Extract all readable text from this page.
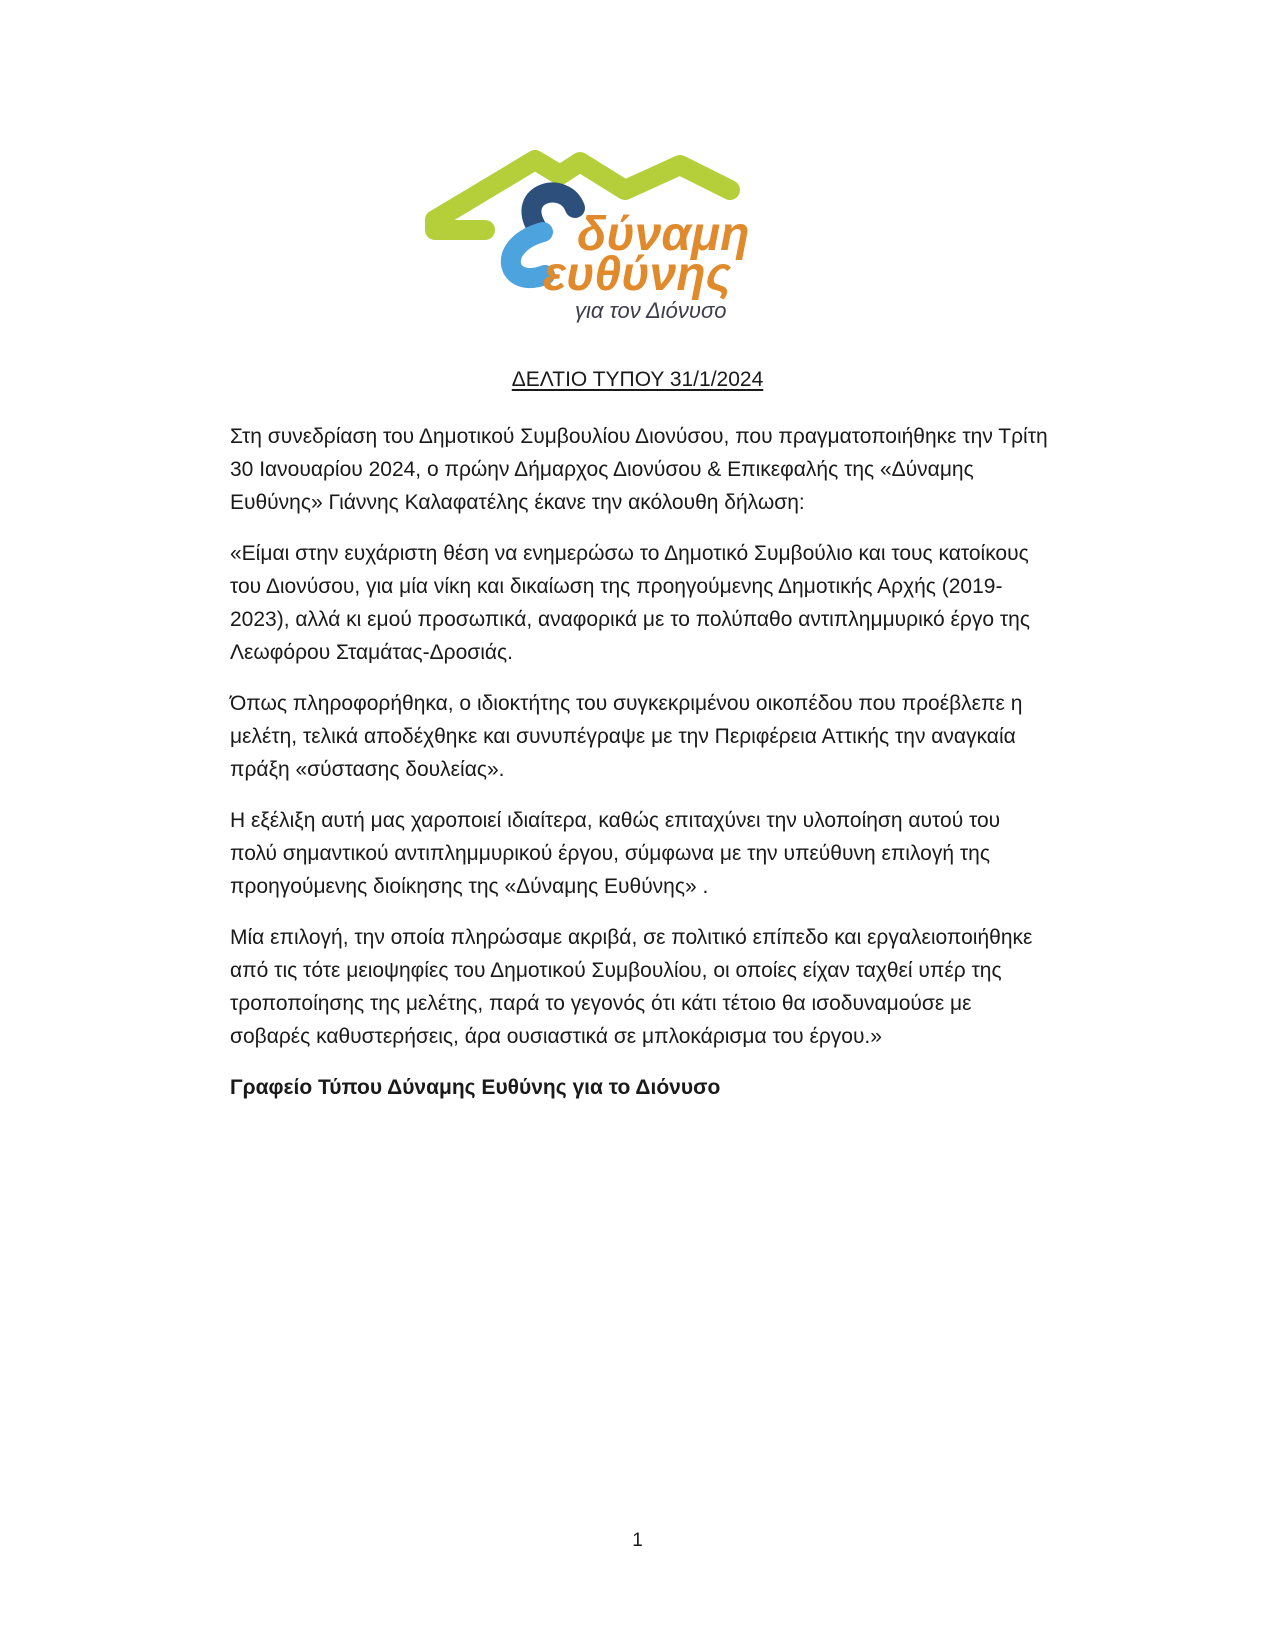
δύναμη
ευθύνης
για τον Διόνυσο
ΔΕΛΤΙΟ ΤΥΠΟΥ 31/1/2024

Στη συνεδρίαση του Δημοτικού Συμβουλίου Διονύσου, που πραγματοποιήθηκε την Τρίτη 30 Ιανουαρίου 2024, ο πρώην Δήμαρχος Διονύσου & Επικεφαλής της «Δύναμης Ευθύνης» Γιάννης Καλαφατέλης έκανε την ακόλουθη δήλωση:

«Είμαι στην ευχάριστη θέση να ενημερώσω το Δημοτικό Συμβούλιο και τους κατοίκους του Διονύσου, για μία νίκη και δικαίωση της προηγούμενης Δημοτικής Αρχής (2019-2023), αλλά κι εμού προσωπικά, αναφορικά με το πολύπαθο αντιπλημμυρικό έργο της Λεωφόρου Σταμάτας-Δροσιάς.

Όπως πληροφορήθηκα, ο ιδιοκτήτης του συγκεκριμένου οικοπέδου που προέβλεπε η μελέτη, τελικά αποδέχθηκε και συνυπέγραψε με την Περιφέρεια Αττικής την αναγκαία πράξη «σύστασης δουλείας».

Η εξέλιξη αυτή μας χαροποιεί ιδιαίτερα, καθώς επιταχύνει την υλοποίηση αυτού του πολύ σημαντικού αντιπλημμυρικού έργου, σύμφωνα με την υπεύθυνη επιλογή της προηγούμενης διοίκησης της «Δύναμης Ευθύνης» .

Μία επιλογή, την οποία πληρώσαμε ακριβά, σε πολιτικό επίπεδο και εργαλειοποιήθηκε από τις τότε μειοψηφίες του Δημοτικού Συμβουλίου, οι οποίες είχαν ταχθεί υπέρ της τροποποίησης της μελέτης, παρά το γεγονός ότι κάτι τέτοιο θα ισοδυναμούσε με σοβαρές καθυστερήσεις, άρα ουσιαστικά σε μπλοκάρισμα του έργου.»

Γραφείο Τύπου Δύναμης Ευθύνης για το Διόνυσο

1
